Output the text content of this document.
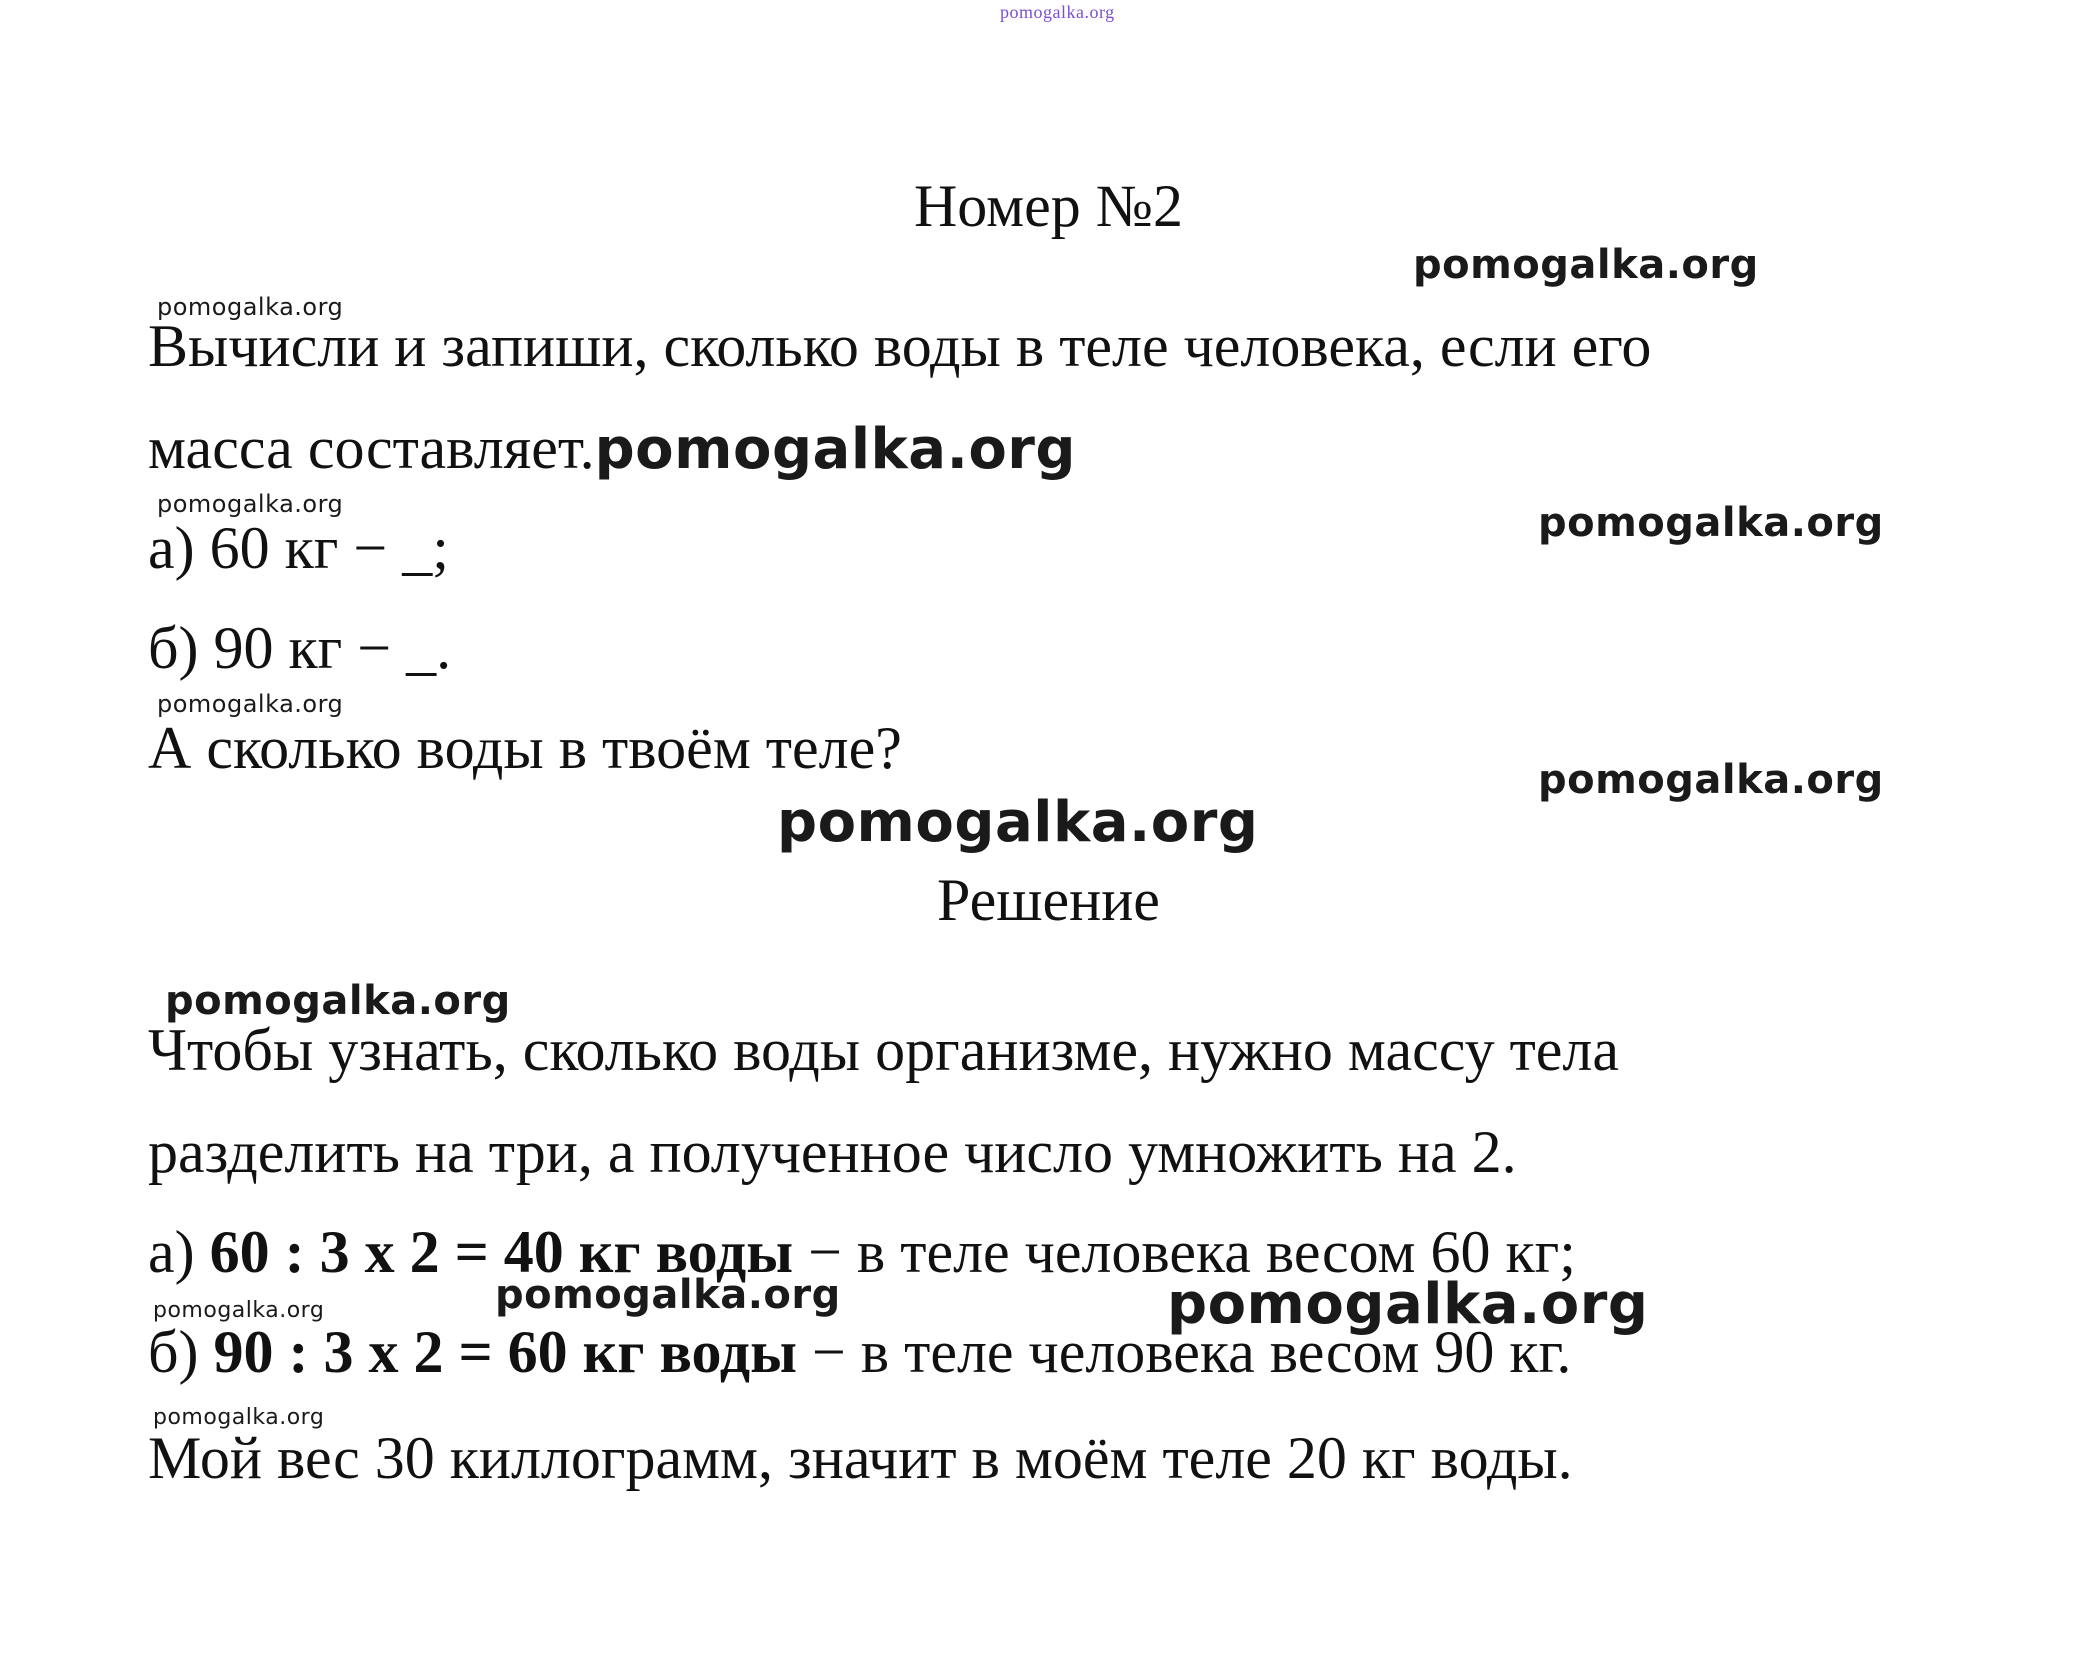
pomogalka.org
pomogalka.org
pomogalka.org
pomogalka.org	pomogalka.org
pomogalka.org
pomogalka.org
pomogalka.org
pomogalka.org
pomogalka.org	pomogalka.org	pomogalka.org
pomogalka.org
Номер №2
Вычисли и запиши, сколько воды в теле человека, если его
масса составляет.pomogalka.org
а) 60 кг − _;
б) 90 кг − _.
А сколько воды в твоём теле?
Решение
Чтобы узнать, сколько воды организме, нужно массу тела
разделить на три, а полученное число умножить на 2.
а) 60 : 3 х 2 = 40 кг воды − в теле человека весом 60 кг;
б) 90 : 3 х 2 = 60 кг воды − в теле человека весом 90 кг.
Мой вес 30 киллограмм, значит в моём теле 20 кг воды.
